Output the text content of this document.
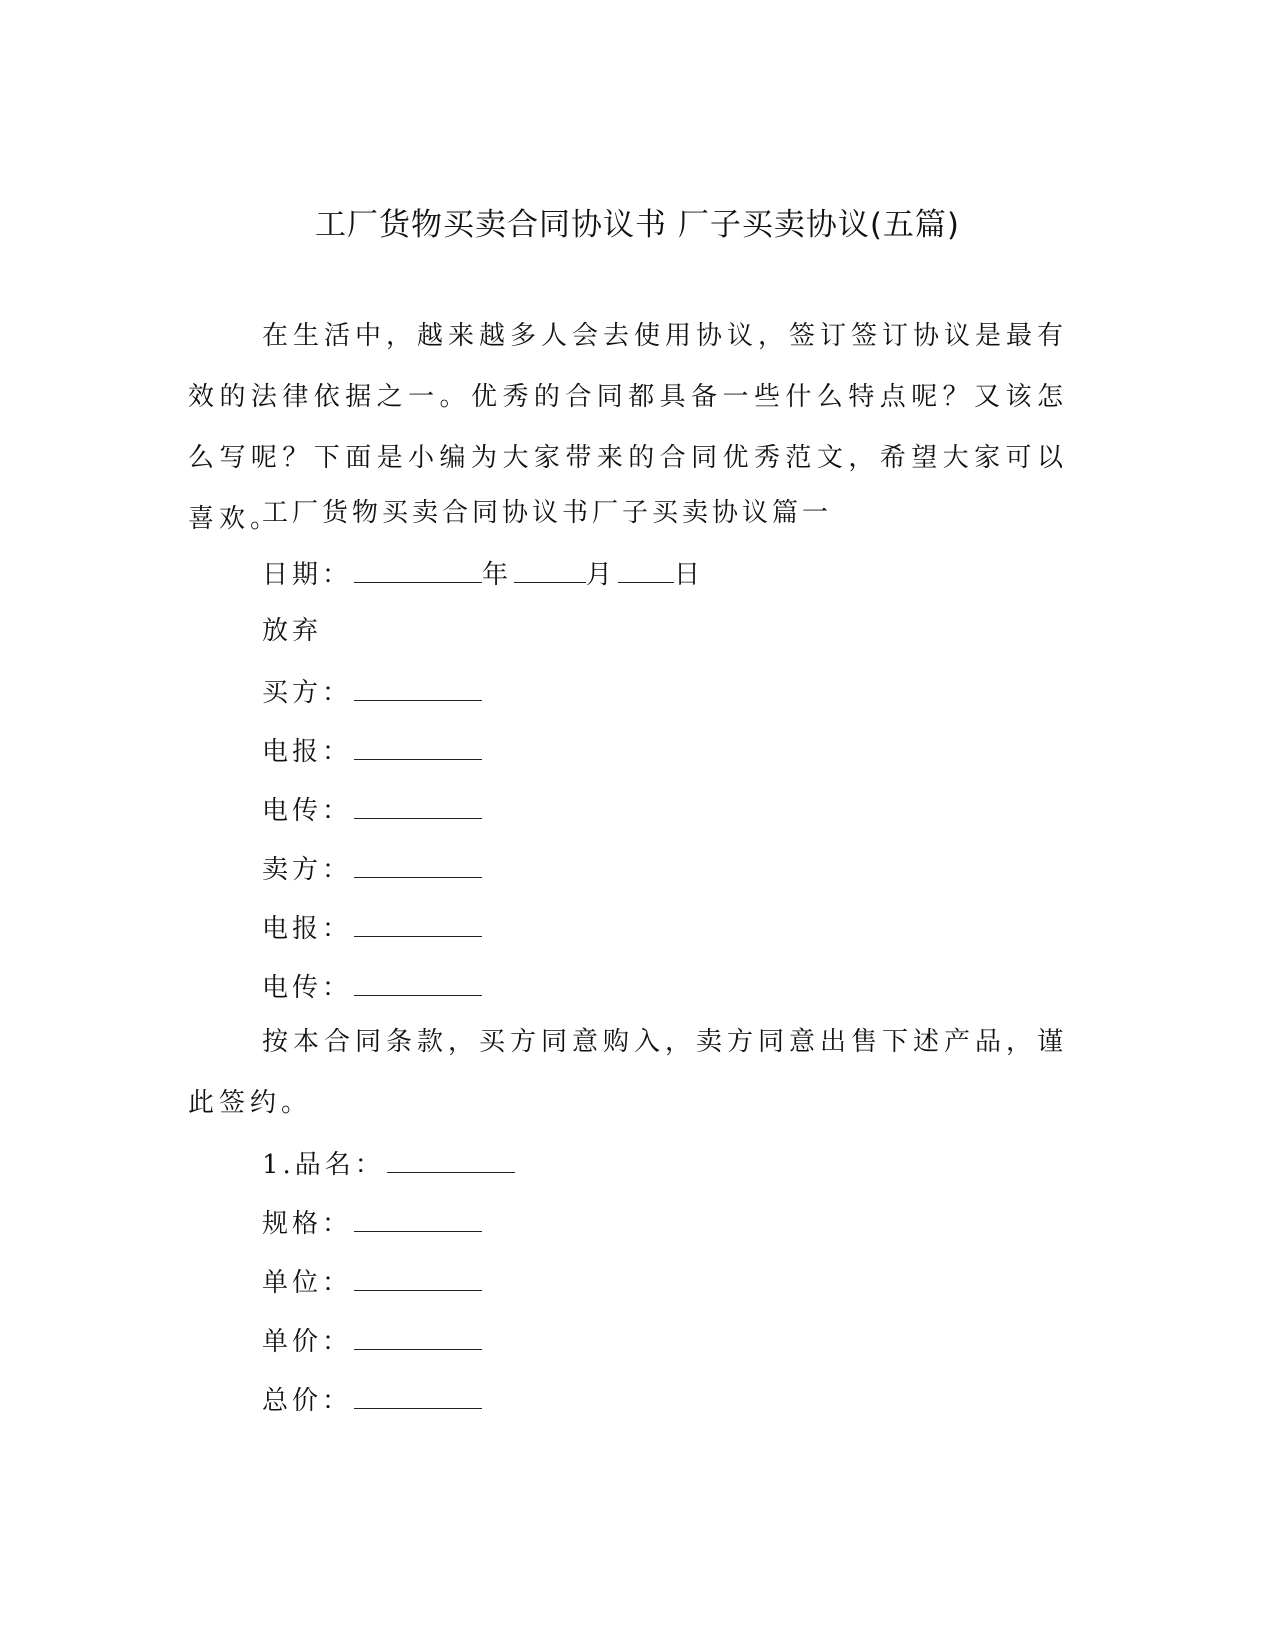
工厂货物买卖合同协议书 厂子买卖协议(五篇)

在生活中，越来越多人会去使用协议，签订签订协议是最有效的法律依据之一。优秀的合同都具备一些什么特点呢？又该怎么写呢？下面是小编为大家带来的合同优秀范文，希望大家可以喜欢。

工厂货物买卖合同协议书厂子买卖协议篇一
日期：	年	月 日
放弃
买方：
电报：
电传：
卖方：
电报：
电传：

按本合同条款，买方同意购入，卖方同意出售下述产品，谨此签约。

1.品名：
规格：
单位：
单价：
总价：
